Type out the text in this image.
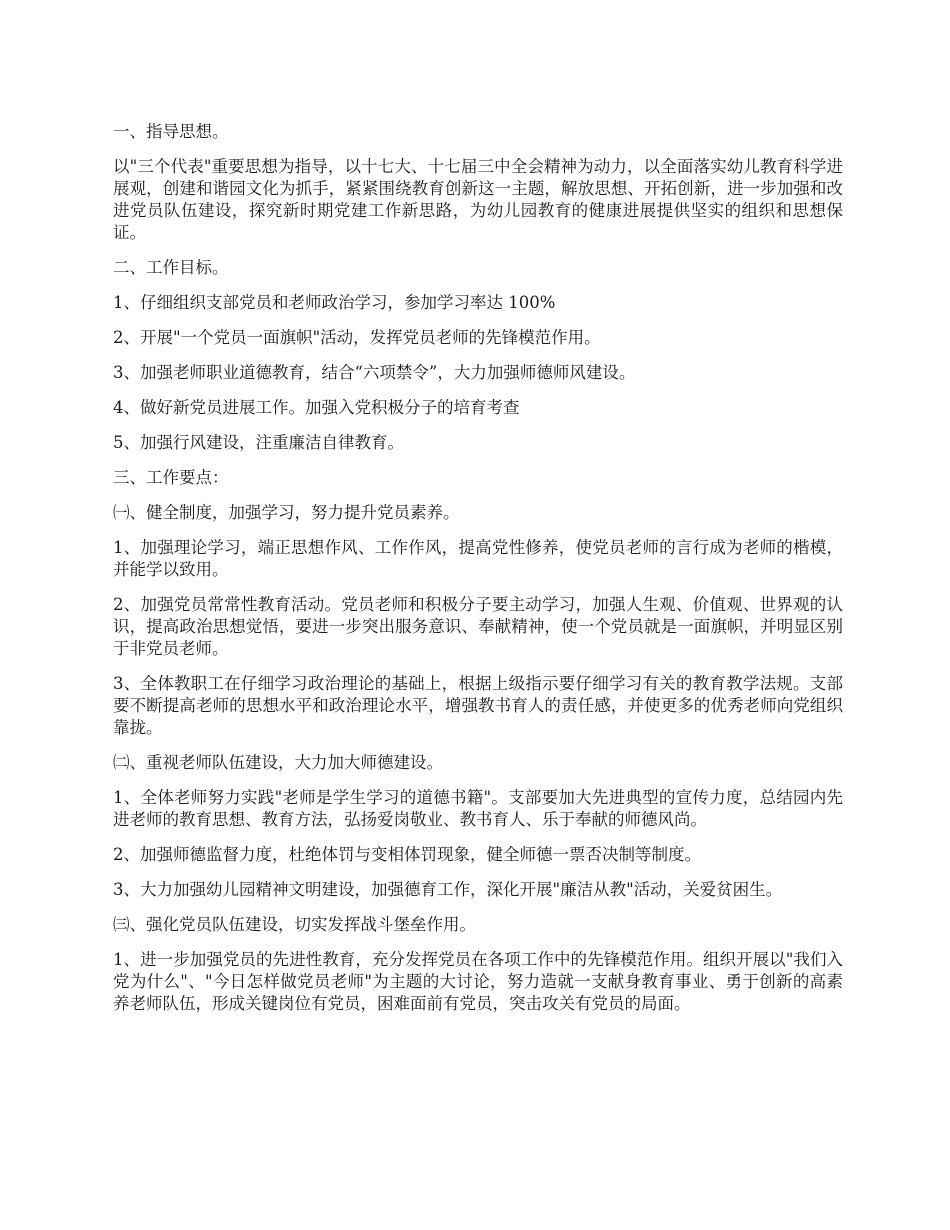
一、指导思想。

以"三个代表"重要思想为指导，以十七大、十七届三中全会精神为动力，以全面落实幼儿教育科学进展观，创建和谐园文化为抓手，紧紧围绕教育创新这一主题，解放思想、开拓创新，进一步加强和改进党员队伍建设，探究新时期党建工作新思路，为幼儿园教育的健康进展提供坚实的组织和思想保证。

二、工作目标。

1、仔细组织支部党员和老师政治学习，参加学习率达 100%

2、开展"一个党员一面旗帜"活动，发挥党员老师的先锋模范作用。

3、加强老师职业道德教育，结合“六项禁令”，大力加强师德师风建设。

4、做好新党员进展工作。加强入党积极分子的培育考查

5、加强行风建设，注重廉洁自律教育。

三、工作要点：

㈠、健全制度，加强学习，努力提升党员素养。

1、加强理论学习，端正思想作风、工作作风，提高党性修养，使党员老师的言行成为老师的楷模，并能学以致用。

2、加强党员常常性教育活动。党员老师和积极分子要主动学习，加强人生观、价值观、世界观的认识，提高政治思想觉悟，要进一步突出服务意识、奉献精神，使一个党员就是一面旗帜，并明显区别于非党员老师。

3、全体教职工在仔细学习政治理论的基础上，根据上级指示要仔细学习有关的教育教学法规。支部要不断提高老师的思想水平和政治理论水平，增强教书育人的责任感，并使更多的优秀老师向党组织靠拢。

㈡、重视老师队伍建设，大力加大师德建设。

1、全体老师努力实践"老师是学生学习的道德书籍"。支部要加大先进典型的宣传力度，总结园内先进老师的教育思想、教育方法，弘扬爱岗敬业、教书育人、乐于奉献的师德风尚。

2、加强师德监督力度，杜绝体罚与变相体罚现象，健全师德一票否决制等制度。

3、大力加强幼儿园精神文明建设，加强德育工作，深化开展"廉洁从教"活动，关爱贫困生。

㈢、强化党员队伍建设，切实发挥战斗堡垒作用。

1、进一步加强党员的先进性教育，充分发挥党员在各项工作中的先锋模范作用。组织开展以"我们入党为什么"、"今日怎样做党员老师"为主题的大讨论，努力造就一支献身教育事业、勇于创新的高素养老师队伍，形成关键岗位有党员，困难面前有党员，突击攻关有党员的局面。
